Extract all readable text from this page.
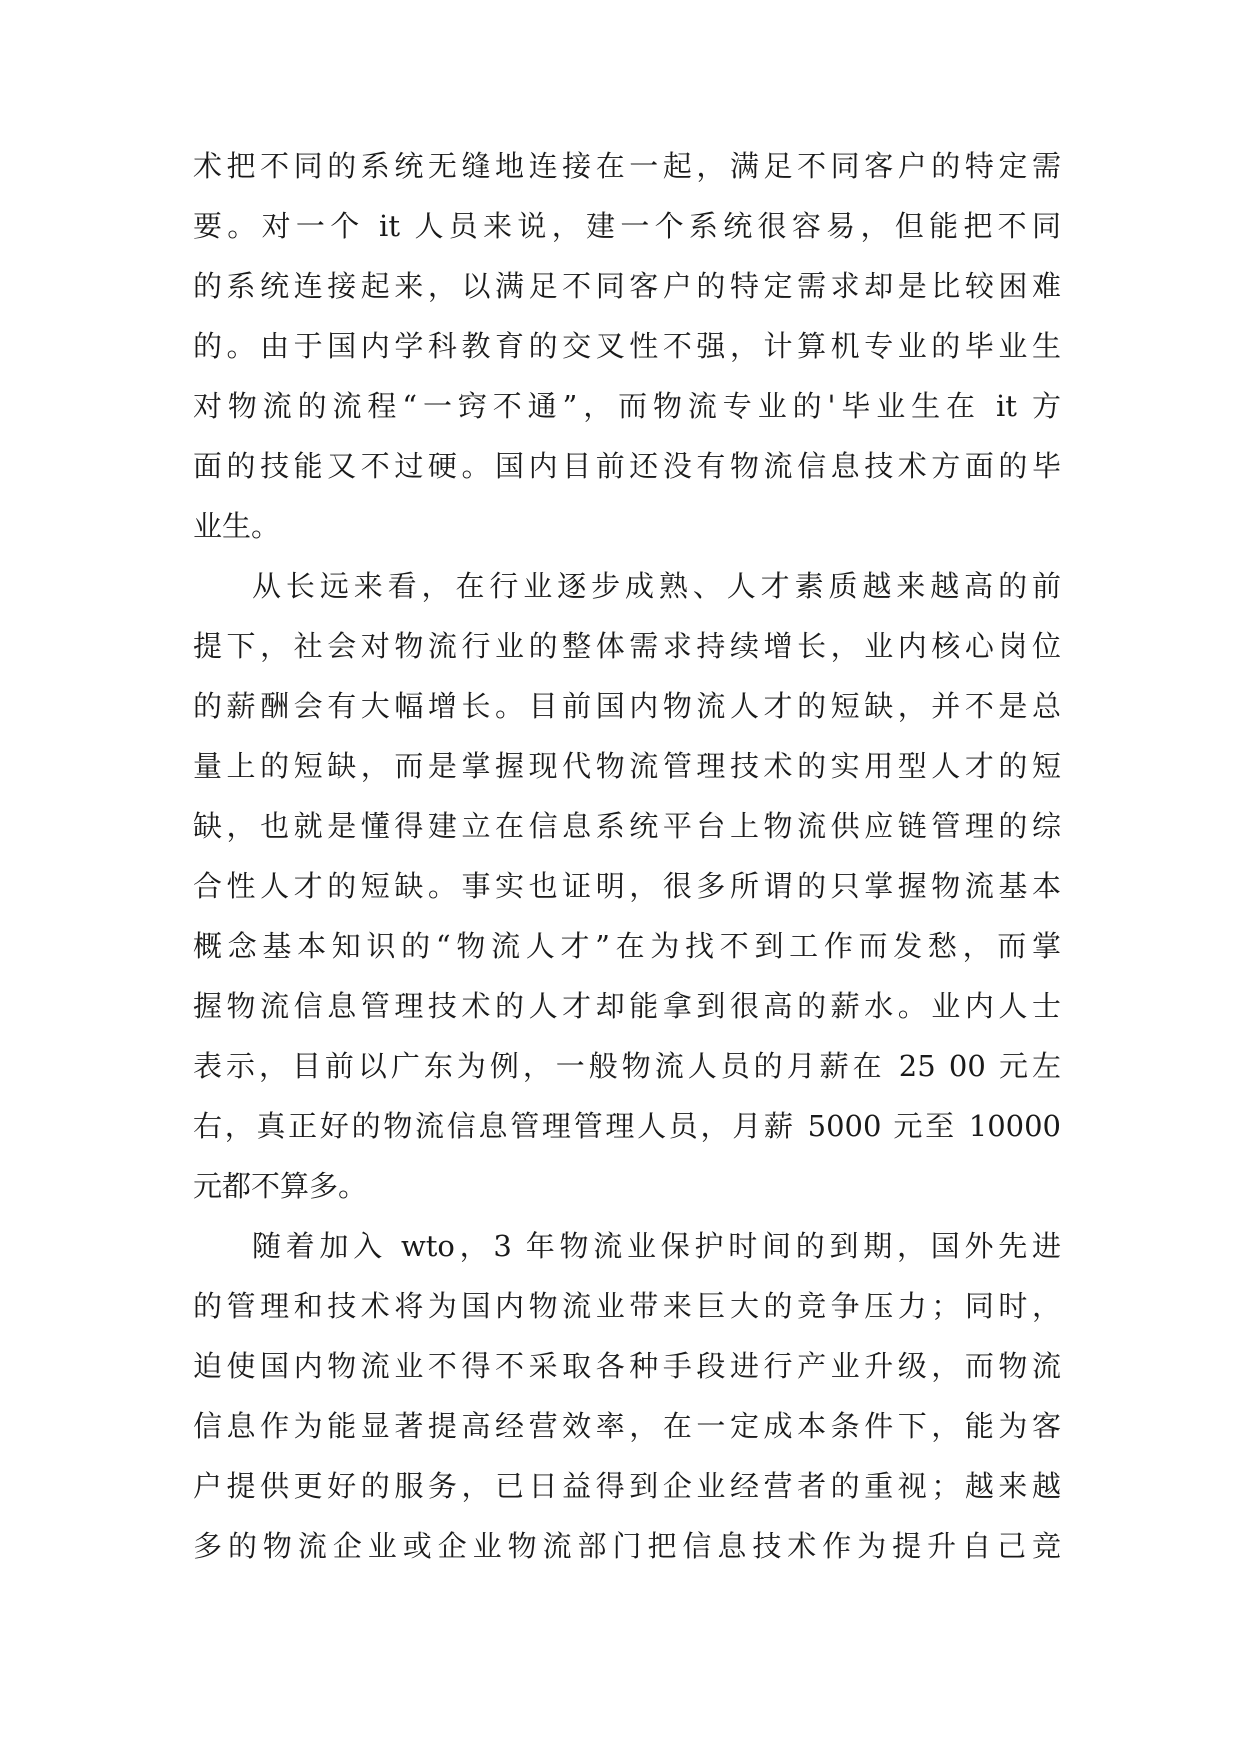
术把不同的系统无缝地连接在一起，满足不同客户的特定需
要。对一个 it 人员来说，建一个系统很容易，但能把不同
的系统连接起来，以满足不同客户的特定需求却是比较困难
的。由于国内学科教育的交叉性不强，计算机专业的毕业生
对物流的流程“一窍不通”，而物流专业的'毕业生在 it 方
面的技能又不过硬。国内目前还没有物流信息技术方面的毕
业生。
从长远来看，在行业逐步成熟、人才素质越来越高的前
提下，社会对物流行业的整体需求持续增长，业内核心岗位
的薪酬会有大幅增长。目前国内物流人才的短缺，并不是总
量上的短缺，而是掌握现代物流管理技术的实用型人才的短
缺，也就是懂得建立在信息系统平台上物流供应链管理的综
合性人才的短缺。事实也证明，很多所谓的只掌握物流基本
概念基本知识的“物流人才”在为找不到工作而发愁，而掌
握物流信息管理技术的人才却能拿到很高的薪水。业内人士
表示，目前以广东为例，一般物流人员的月薪在 25 00 元左
右，真正好的物流信息管理管理人员，月薪 5000 元至 10000
元都不算多。
随着加入 wto，3 年物流业保护时间的到期，国外先进
的管理和技术将为国内物流业带来巨大的竞争压力；同时，
迫使国内物流业不得不采取各种手段进行产业升级，而物流
信息作为能显著提高经营效率，在一定成本条件下，能为客
户提供更好的服务，已日益得到企业经营者的重视；越来越
多的物流企业或企业物流部门把信息技术作为提升自己竞
